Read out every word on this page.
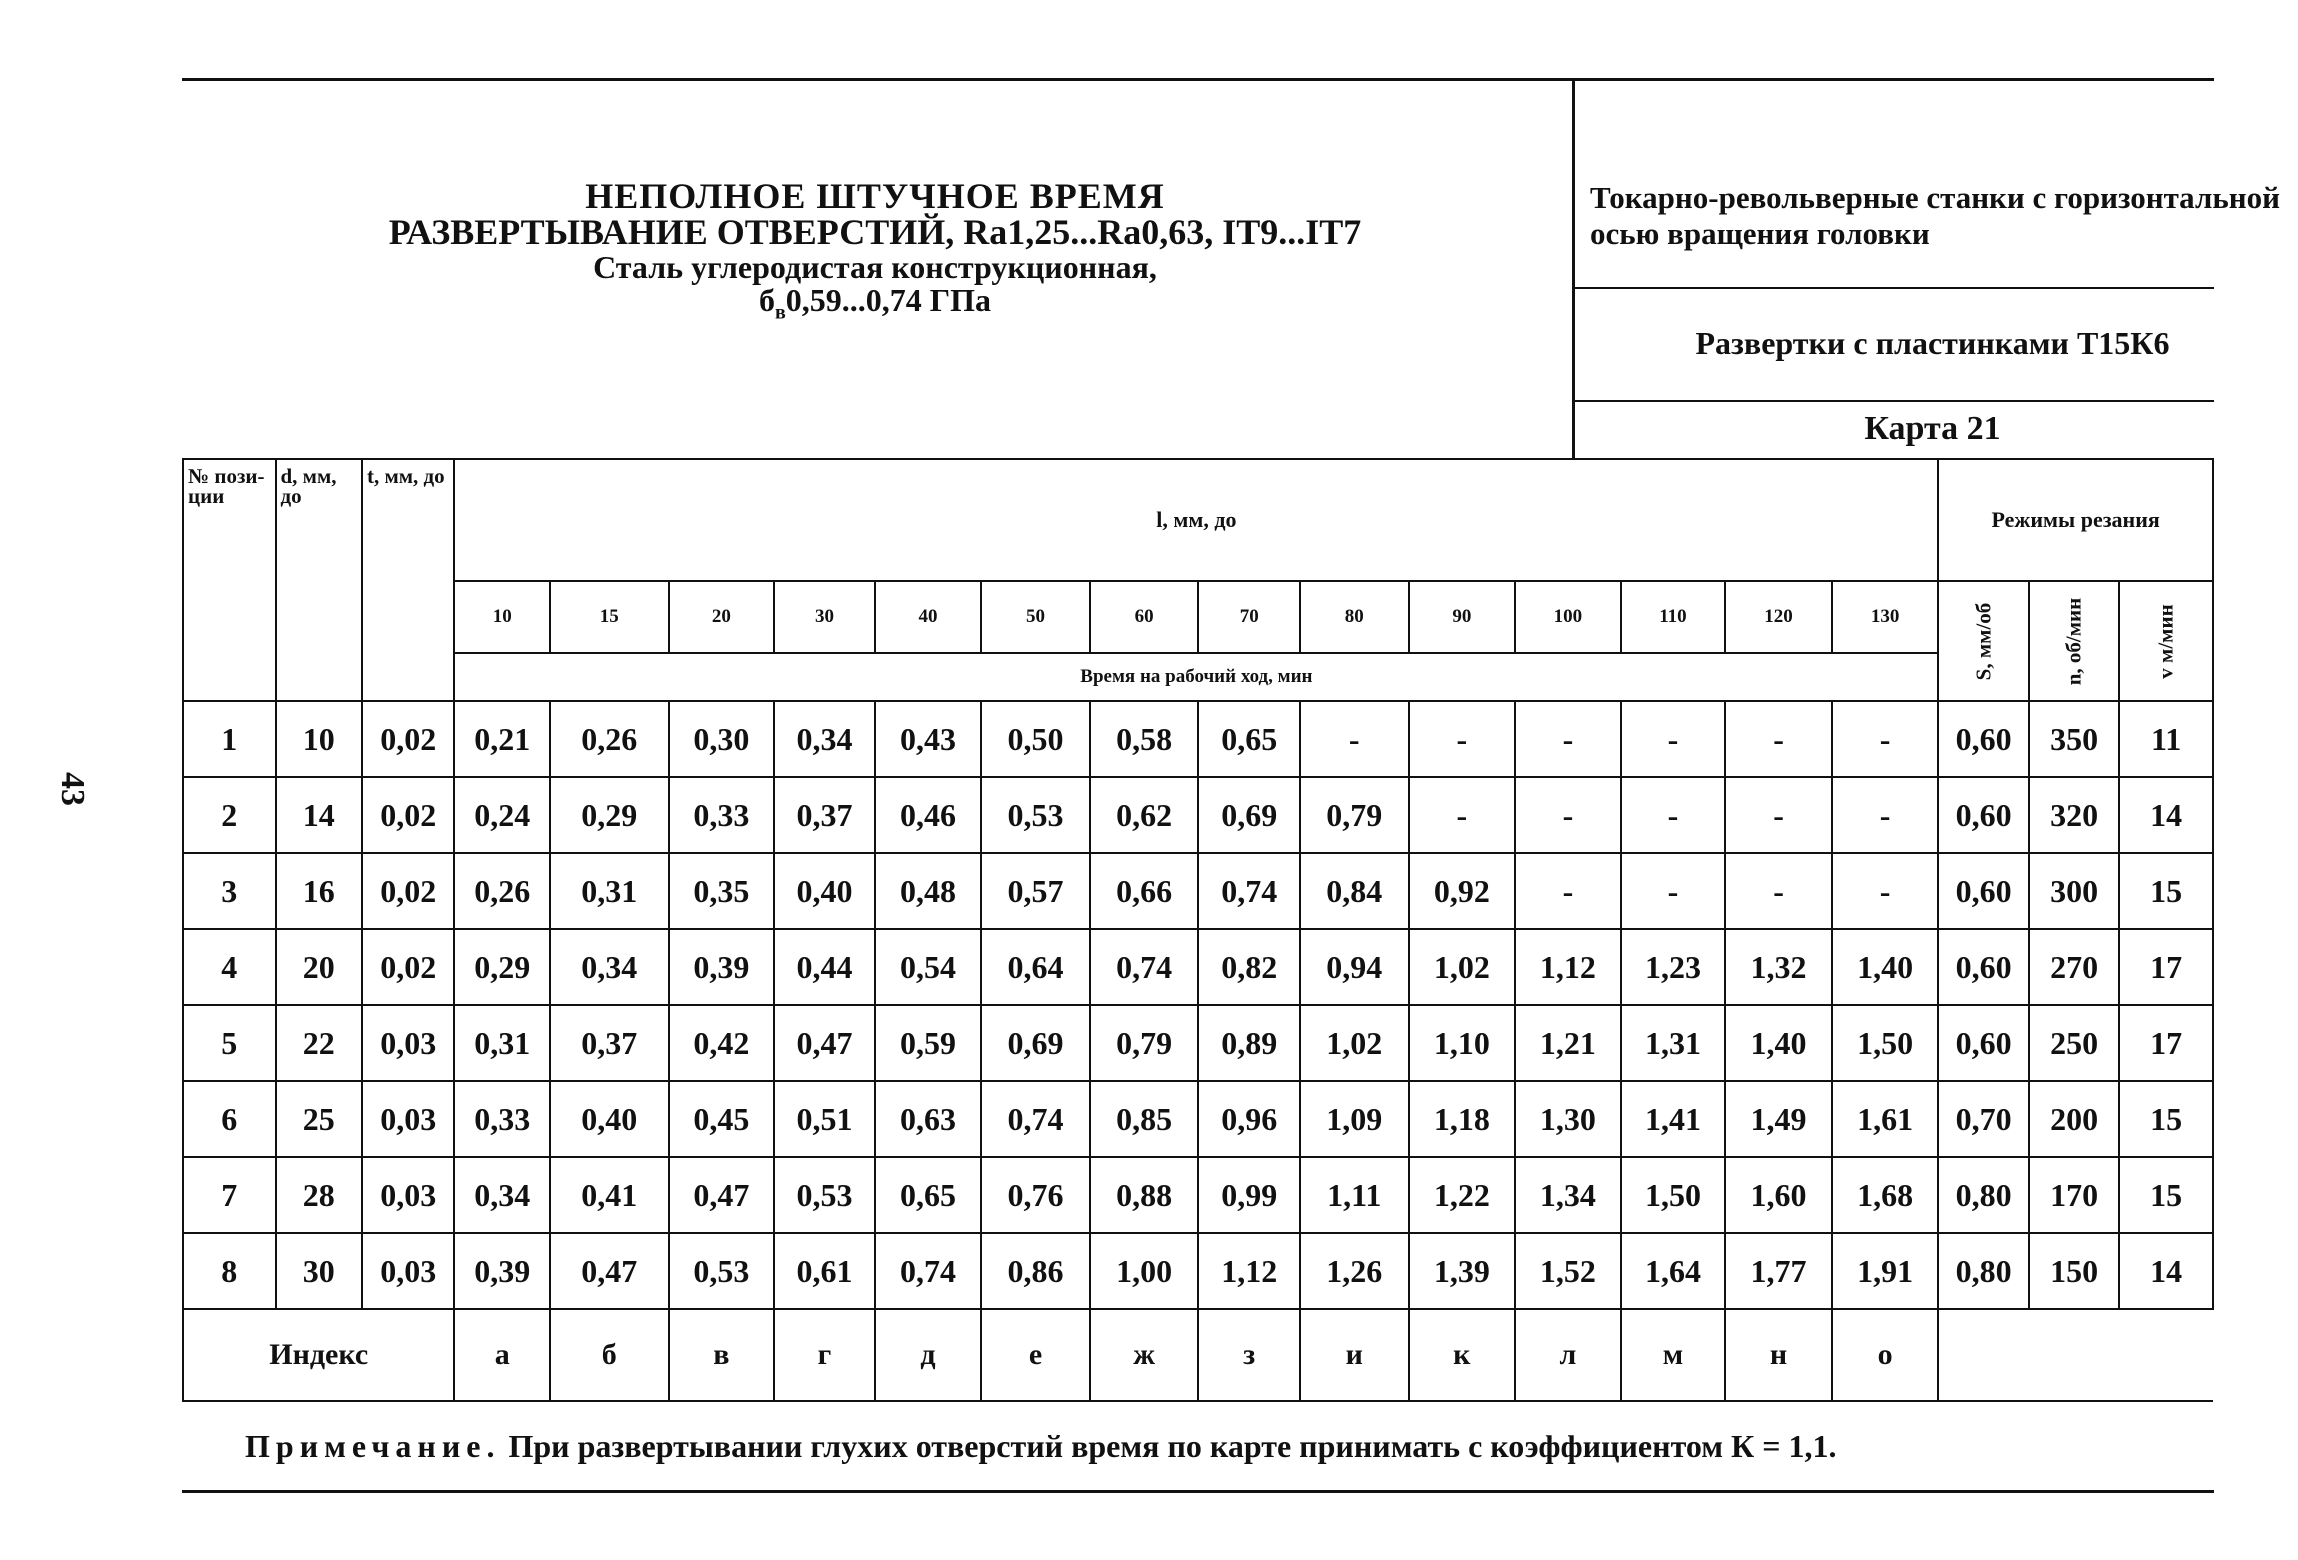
43
НЕПОЛНОЕ ШТУЧНОЕ ВРЕМЯ
РАЗВЕРТЫВАНИЕ ОТВЕРСТИЙ, Ra1,25...Ra0,63, IT9...IT7
Сталь углеродистая конструкционная,
$б_в0,59...0,74$ ГПа
Токарно-револьверные станки с горизонтальной осью вращения головки
Развертки с пластинками Т15К6
Карта 21
№ пози-ции	d, мм, до	t, мм, до	l, мм, до														Режимы резания		
			10	15	20	30	40	50	60	70	80	90	100	110	120	130	S, мм/об	n, об/мин	v м/мин
			Время на рабочий ход, мин																
1	10	0,02	0,21	0,26	0,30	0,34	0,43	0,50	0,58	0,65	-	-	-	-	-	-	0,60	350	11
2	14	0,02	0,24	0,29	0,33	0,37	0,46	0,53	0,62	0,69	0,79	-	-	-	-	-	0,60	320	14
3	16	0,02	0,26	0,31	0,35	0,40	0,48	0,57	0,66	0,74	0,84	0,92	-	-	-	-	0,60	300	15
4	20	0,02	0,29	0,34	0,39	0,44	0,54	0,64	0,74	0,82	0,94	1,02	1,12	1,23	1,32	1,40	0,60	270	17
5	22	0,03	0,31	0,37	0,42	0,47	0,59	0,69	0,79	0,89	1,02	1,10	1,21	1,31	1,40	1,50	0,60	250	17
6	25	0,03	0,33	0,40	0,45	0,51	0,63	0,74	0,85	0,96	1,09	1,18	1,30	1,41	1,49	1,61	0,70	200	15
7	28	0,03	0,34	0,41	0,47	0,53	0,65	0,76	0,88	0,99	1,11	1,22	1,34	1,50	1,60	1,68	0,80	170	15
8	30	0,03	0,39	0,47	0,53	0,61	0,74	0,86	1,00	1,12	1,26	1,39	1,52	1,64	1,77	1,91	0,80	150	14
Индекс			а	б	в	г	д	е	ж	з	и	к	л	м	н	о			
Примечание. При развертывании глухих отверстий время по карте принимать с коэффициентом К = 1,1.
